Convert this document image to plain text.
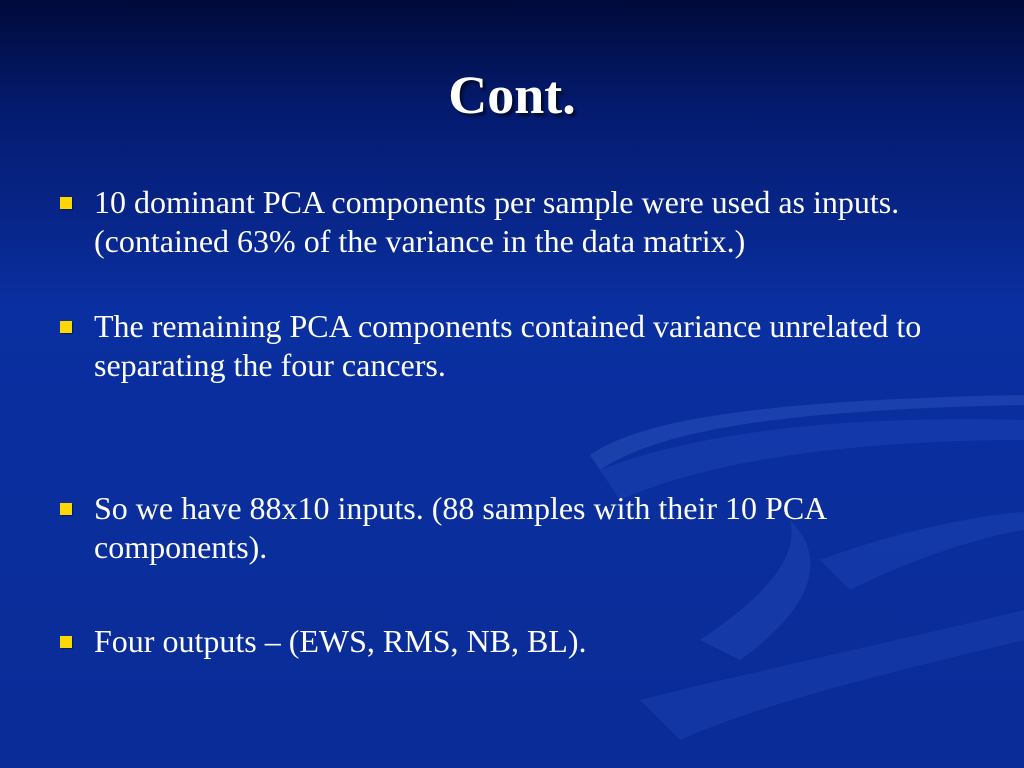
Cont.
10 dominant PCA components per sample were used as inputs. (contained 63% of the variance in the data matrix.)
The remaining PCA components contained variance unrelated to separating the four cancers.
So we have 88x10 inputs. (88 samples with their 10 PCA components).
Four outputs – (EWS, RMS, NB, BL).
